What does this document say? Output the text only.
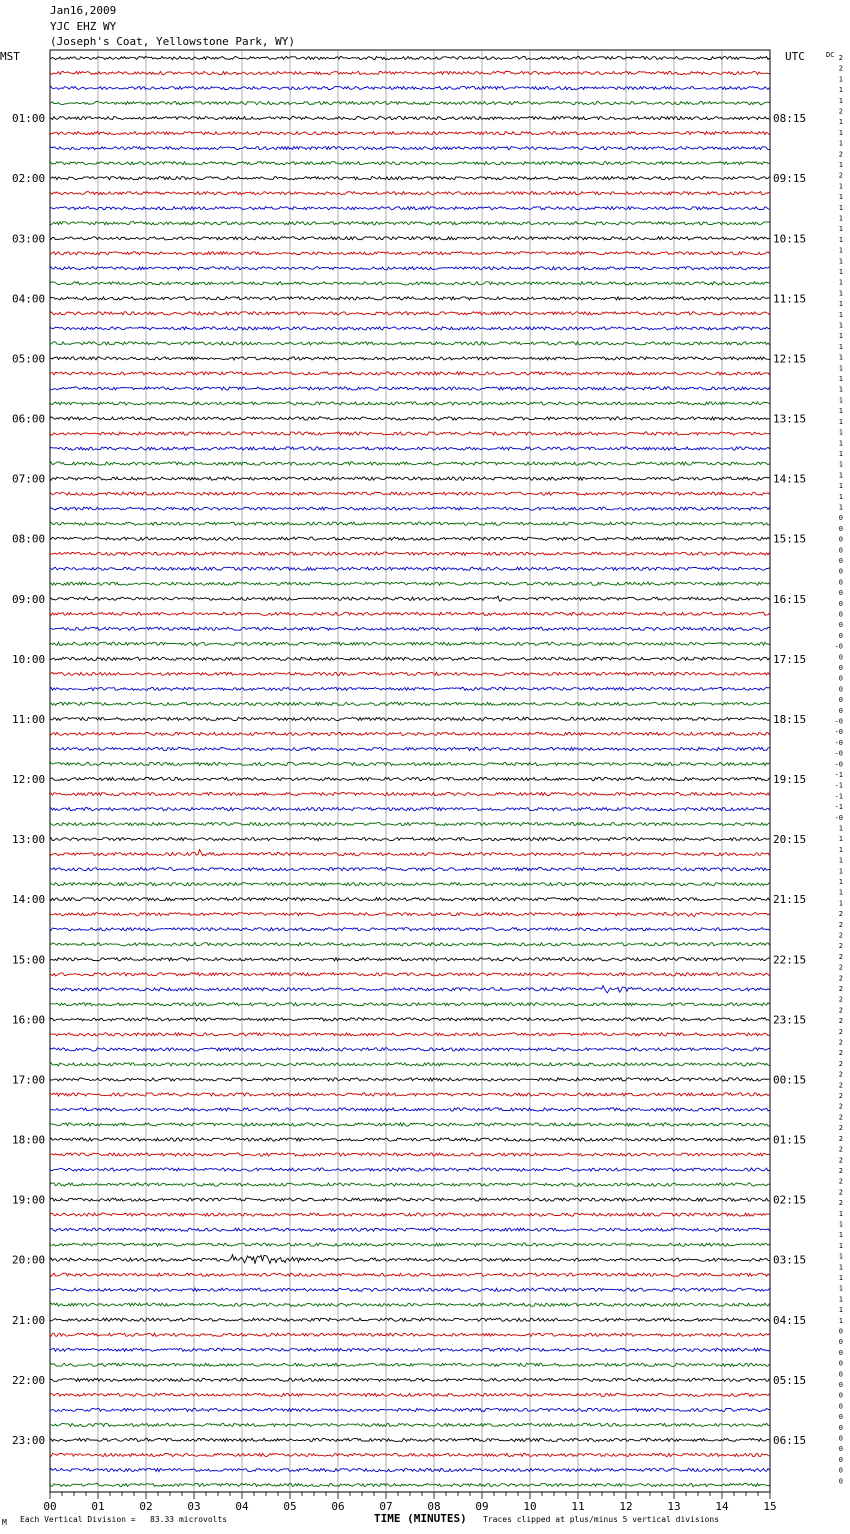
Jan16,2009
YJC EHZ WY
(Joseph's Coat, Yellowstone Park, WY)
01:00
02:00
03:00
04:00
05:00
06:00
07:00
08:00
09:00
10:00
11:00
12:00
13:00
14:00
15:00
16:00
17:00
18:00
19:00
20:00
21:00
22:00
23:00
08:15
09:15
10:15
11:15
12:15
13:15
14:15
15:15
16:15
17:15
18:15
19:15
20:15
21:15
22:15
23:15
00:15
01:15
02:15
03:15
04:15
05:15
06:15
2
2
1
1
1
2
1
1
1
2
1
2
1
1
1
1
1
1
1
1
1
1
1
1
1
1
1
1
1
1
1
1
1
1
1
1
1
1
1
1
1
1
1
0
0
0
0
0
0
0
0
0
0
0
0
-0
0
0
0
0
0
0
-0
-0
-0
-0
-0
-1
-1
-1
-1
-0
1
1
1
1
1
1
1
1
2
2
2
2
2
2
2
2
2
2
2
2
2
2
2
2
2
2
2
2
2
2
2
2
2
2
2
2
1
1
1
1
1
1
1
1
1
1
1
0
0
0
0
0
0
0
0
0
0
0
0
0
0
0
00	01	02	03	04	05	06	07	08	09	10	11	12	13	14	15
MST	UTC	DC
M Each Vertical Division =   83.33 microvolts	TIME (MINUTES) Traces clipped at plus/minus 5 vertical divisions
